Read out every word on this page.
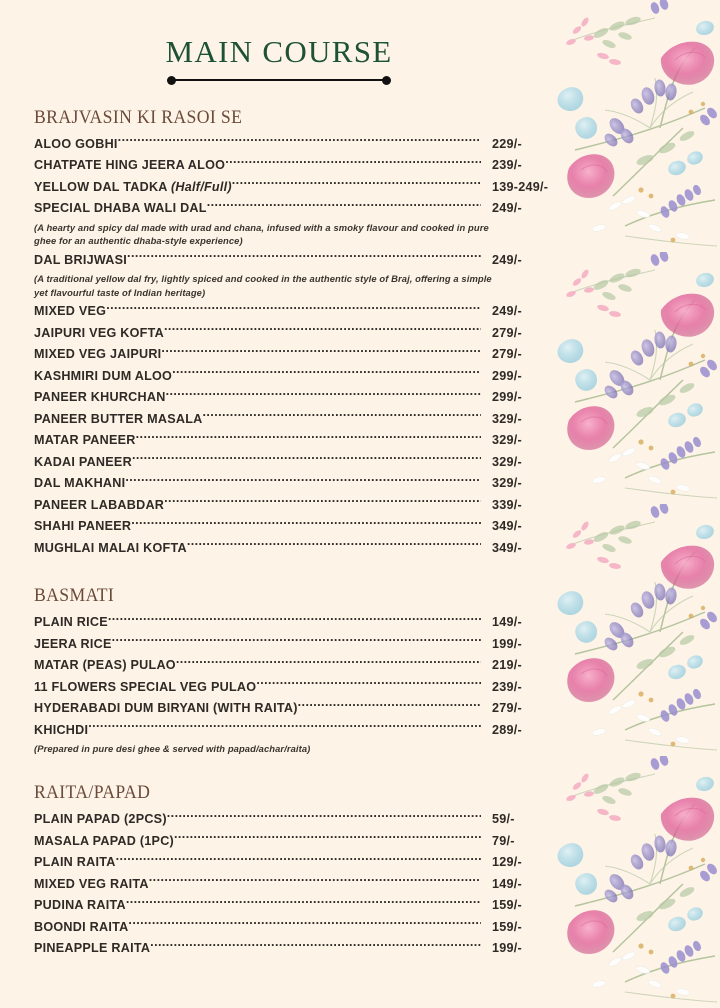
MAIN COURSE
BRAJVASIN KI RASOI SE
ALOO GOBHI .....	229/-
CHATPATE HING JEERA ALOO .....	239/-
YELLOW DAL TADKA (Half/Full) .....	139-249/-
SPECIAL DHABA WALI DAL .....	249/-
(A hearty and spicy dal made with urad and chana, infused with a smoky flavour and cooked in pure ghee for an authentic dhaba-style experience)
DAL BRIJWASI .....	249/-
(A traditional yellow dal fry, lightly spiced and cooked in the authentic style of Braj, offering a simple yet flavourful taste of Indian heritage)
MIXED VEG .....	249/-
JAIPURI VEG KOFTA .....	279/-
MIXED VEG JAIPURI .....	279/-
KASHMIRI DUM ALOO .....	299/-
PANEER KHURCHAN .....	299/-
PANEER BUTTER MASALA .....	329/-
MATAR PANEER .....	329/-
KADAI PANEER .....	329/-
DAL MAKHANI .....	329/-
PANEER LABABDAR .....	339/-
SHAHI PANEER .....	349/-
MUGHLAI MALAI KOFTA .....	349/-
BASMATI
PLAIN RICE .....	149/-
JEERA RICE .....	199/-
MATAR (PEAS) PULAO .....	219/-
11 FLOWERS SPECIAL VEG PULAO .....	239/-
HYDERABADI DUM BIRYANI (WITH RAITA) .....	279/-
KHICHDI .....	289/-
(Prepared in pure desi ghee & served with papad/achar/raita)
RAITA/PAPAD
PLAIN PAPAD (2PCS) .....	59/-
MASALA PAPAD (1PC) .....	79/-
PLAIN RAITA .....	129/-
MIXED VEG RAITA .....	149/-
PUDINA RAITA .....	159/-
BOONDI RAITA .....	159/-
PINEAPPLE RAITA .....	199/-
